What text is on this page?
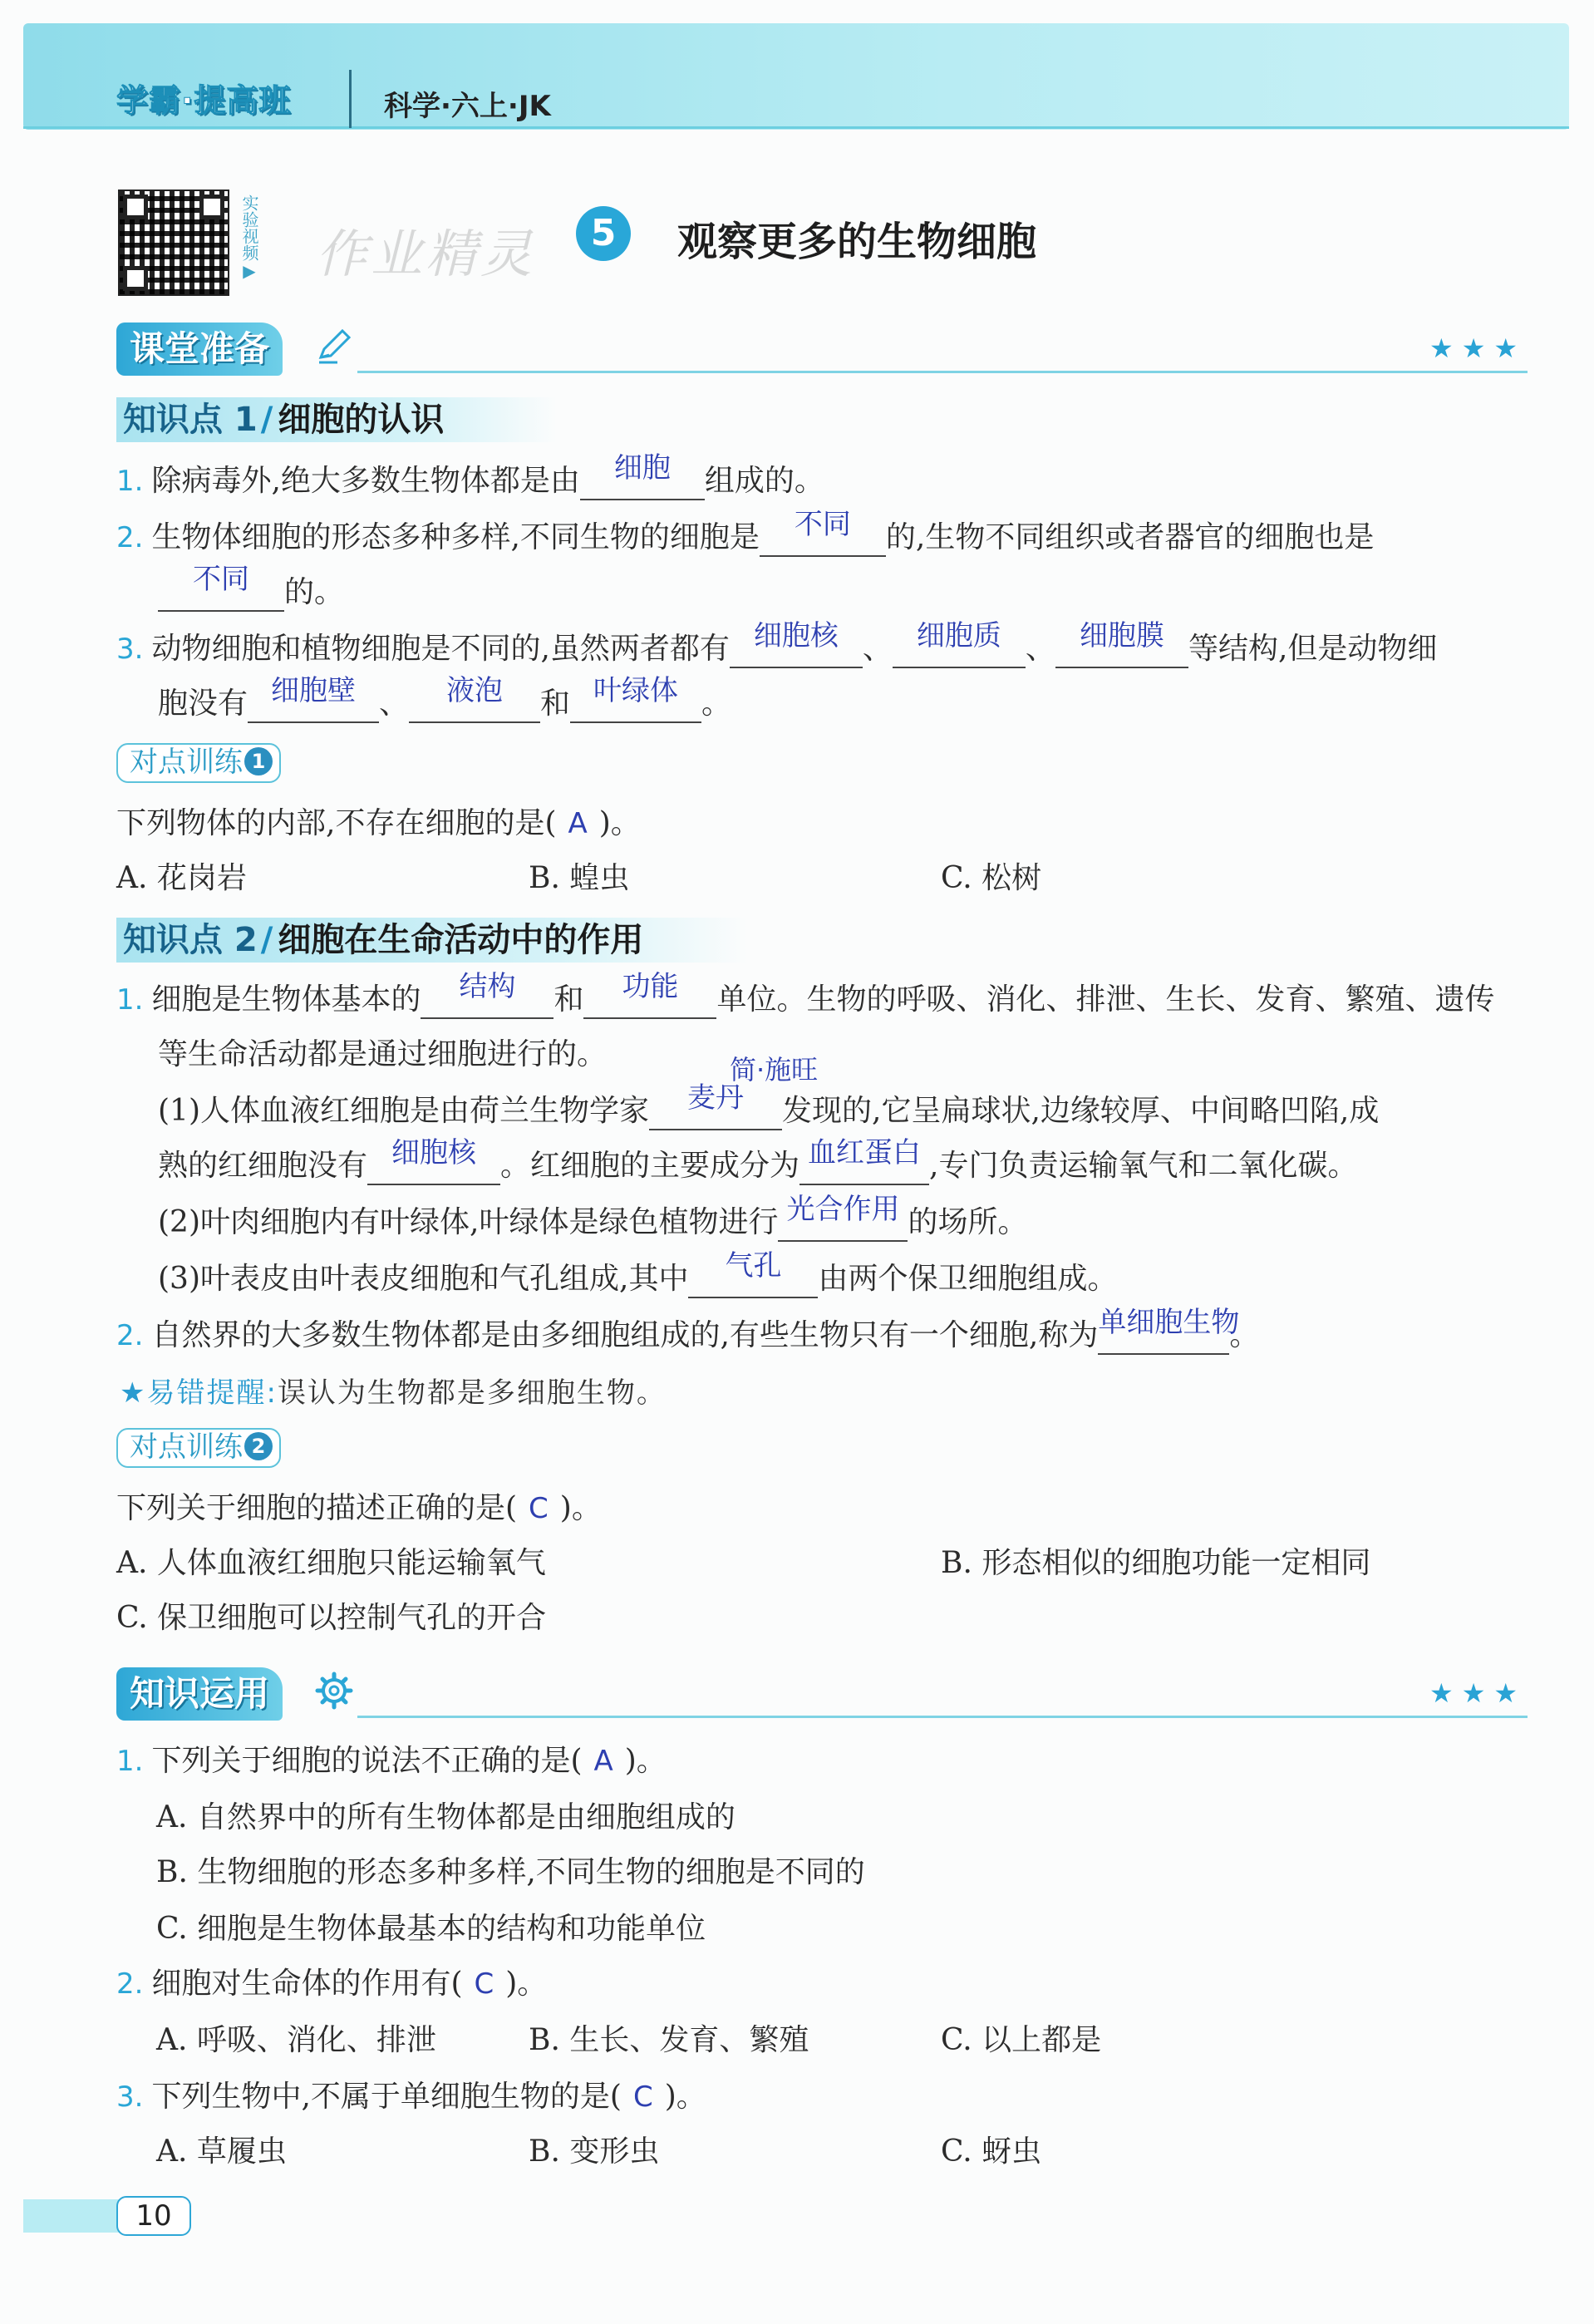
学霸·提高班	科学·六上·JK
实验视频▶ 作业精灵	5	观察更多的生物细胞
课堂准备	★★★
知识点 1 / 细胞的认识
1. 除病毒外,绝大多数生物体都是由	细胞	组成的。
2. 生物体细胞的形态多种多样,不同生物的细胞是	不同	的,生物不同组织或者器官的细胞也是
不同	的。
3. 动物细胞和植物细胞是不同的,虽然两者都有 细胞核 、 细胞质 、 细胞膜 等结构,但是动物细
胞没有 细胞壁 、	液泡	和 叶绿体 。
对点训练 1
下列物体的内部,不存在细胞的是( A )。
A. 花岗岩	B. 蝗虫	C. 松树
知识点 2 / 细胞在生命活动中的作用
1. 细胞是生物体基本的	结构	和	功能	单位。生物的呼吸、消化、排泄、生长、发育、繁殖、遗传
等生命活动都是通过细胞进行的。	简·施旺
(1)人体血液红细胞是由荷兰生物学家	麦丹	发现的,它呈扁球状,边缘较厚、中间略凹陷,成
熟的红细胞没有 细胞核 。红细胞的主要成分为 血红蛋白 ,专门负责运输氧气和二氧化碳。
(2)叶肉细胞内有叶绿体,叶绿体是绿色植物进行 光合作用 的场所。
(3)叶表皮由叶表皮细胞和气孔组成,其中	气孔	由两个保卫细胞组成。
2. 自然界的大多数生物体都是由多细胞组成的,有些生物只有一个细胞,称为 单细胞生物
。
★易错提醒:误认为生物都是多细胞生物。
对点训练 2
下列关于细胞的描述正确的是( C )。
A. 人体血液红细胞只能运输氧气	B. 形态相似的细胞功能一定相同
C. 保卫细胞可以控制气孔的开合
知识运用	★★★
1. 下列关于细胞的说法不正确的是( A )。
A. 自然界中的所有生物体都是由细胞组成的
B. 生物细胞的形态多种多样,不同生物的细胞是不同的
C. 细胞是生物体最基本的结构和功能单位
2. 细胞对生命体的作用有( C )。
A. 呼吸、消化、排泄	B. 生长、发育、繁殖	C. 以上都是
3. 下列生物中,不属于单细胞生物的是( C )。
A. 草履虫	B. 变形虫	C. 蚜虫
10
